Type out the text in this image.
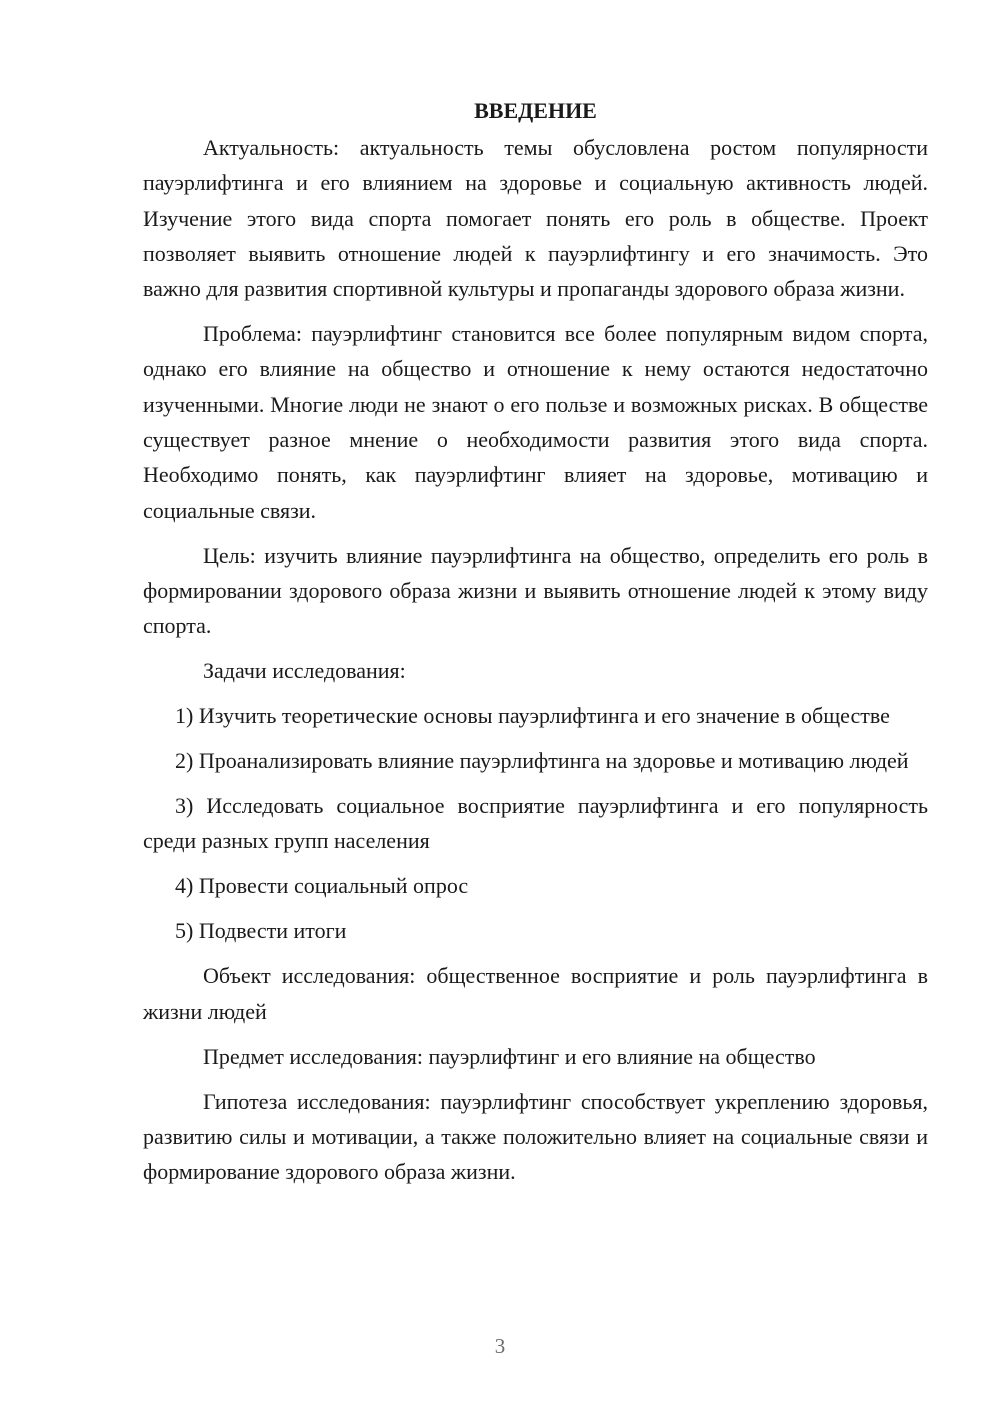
ВВЕДЕНИЕ

Актуальность: актуальность темы обусловлена ростом популярности пауэрлифтинга и его влиянием на здоровье и социальную активность людей. Изучение этого вида спорта помогает понять его роль в обществе. Проект позволяет выявить отношение людей к пауэрлифтингу и его значимость. Это важно для развития спортивной культуры и пропаганды здорового образа жизни.

Проблема: пауэрлифтинг становится все более популярным видом спорта, однако его влияние на общество и отношение к нему остаются недостаточно изученными. Многие люди не знают о его пользе и возможных рисках. В обществе существует разное мнение о необходимости развития этого вида спорта. Необходимо понять, как пауэрлифтинг влияет на здоровье, мотивацию и социальные связи.

Цель: изучить влияние пауэрлифтинга на общество, определить его роль в формировании здорового образа жизни и выявить отношение людей к этому виду спорта.

Задачи исследования:

1) Изучить теоретические основы пауэрлифтинга и его значение в обществе

2) Проанализировать влияние пауэрлифтинга на здоровье и мотивацию людей

3) Исследовать социальное восприятие пауэрлифтинга и его популярность среди разных групп населения

4) Провести социальный опрос

5) Подвести итоги

Объект исследования: общественное восприятие и роль пауэрлифтинга в жизни людей

Предмет исследования: пауэрлифтинг и его влияние на общество

Гипотеза исследования: пауэрлифтинг способствует укреплению здоровья, развитию силы и мотивации, а также положительно влияет на социальные связи и формирование здорового образа жизни.

3
